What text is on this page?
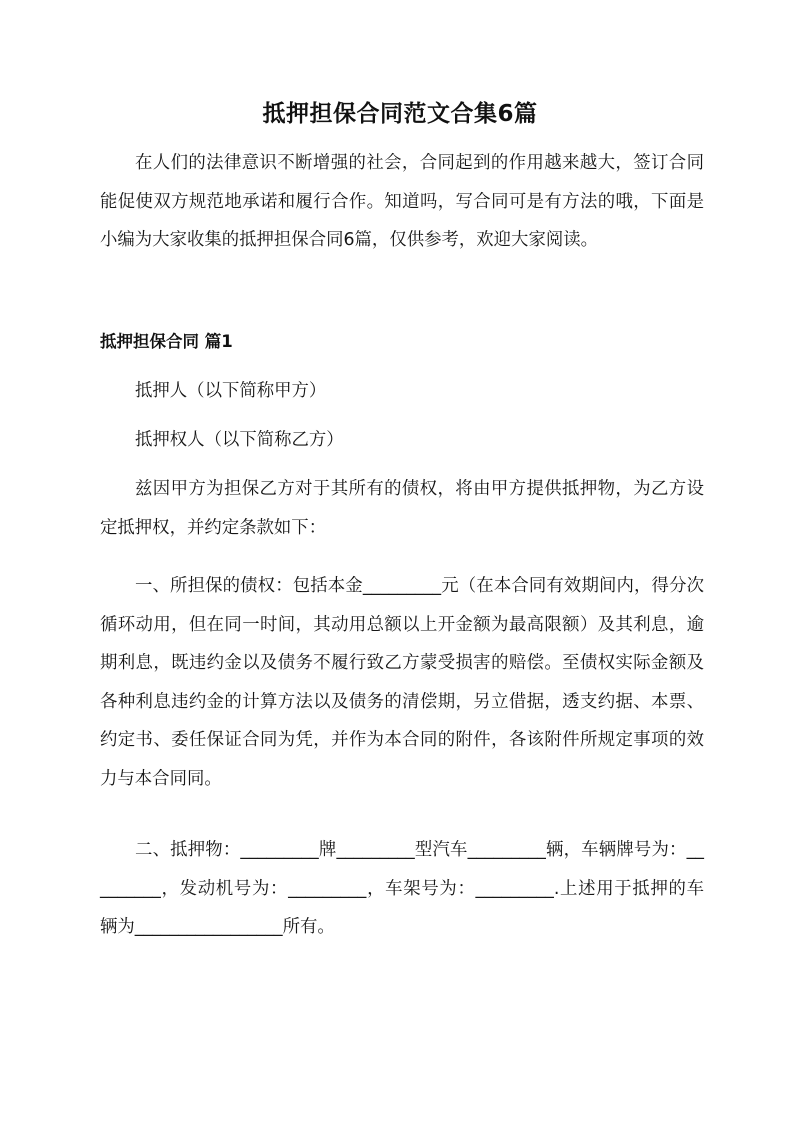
抵押担保合同范文合集6篇

在人们的法律意识不断增强的社会，合同起到的作用越来越大，签订合同能促使双方规范地承诺和履行合作。知道吗，写合同可是有方法的哦，下面是小编为大家收集的抵押担保合同6篇，仅供参考，欢迎大家阅读。

抵押担保合同 篇1

抵押人（以下简称甲方）

抵押权人（以下简称乙方）

兹因甲方为担保乙方对于其所有的债权，将由甲方提供抵押物，为乙方设定抵押权，并约定条款如下：

一、所担保的债权：包括本金_________元（在本合同有效期间内，得分次循环动用，但在同一时间，其动用总额以上开金额为最高限额）及其利息，逾期利息，既违约金以及债务不履行致乙方蒙受损害的赔偿。至债权实际金额及各种利息违约金的计算方法以及债务的清偿期，另立借据，透支约据、本票、约定书、委任保证合同为凭，并作为本合同的附件，各该附件所规定事项的效力与本合同同。

二、抵押物：_________牌_________型汽车_________辆，车辆牌号为：_________，发动机号为：_________，车架号为：_________.上述用于抵押的车辆为_________________所有。
